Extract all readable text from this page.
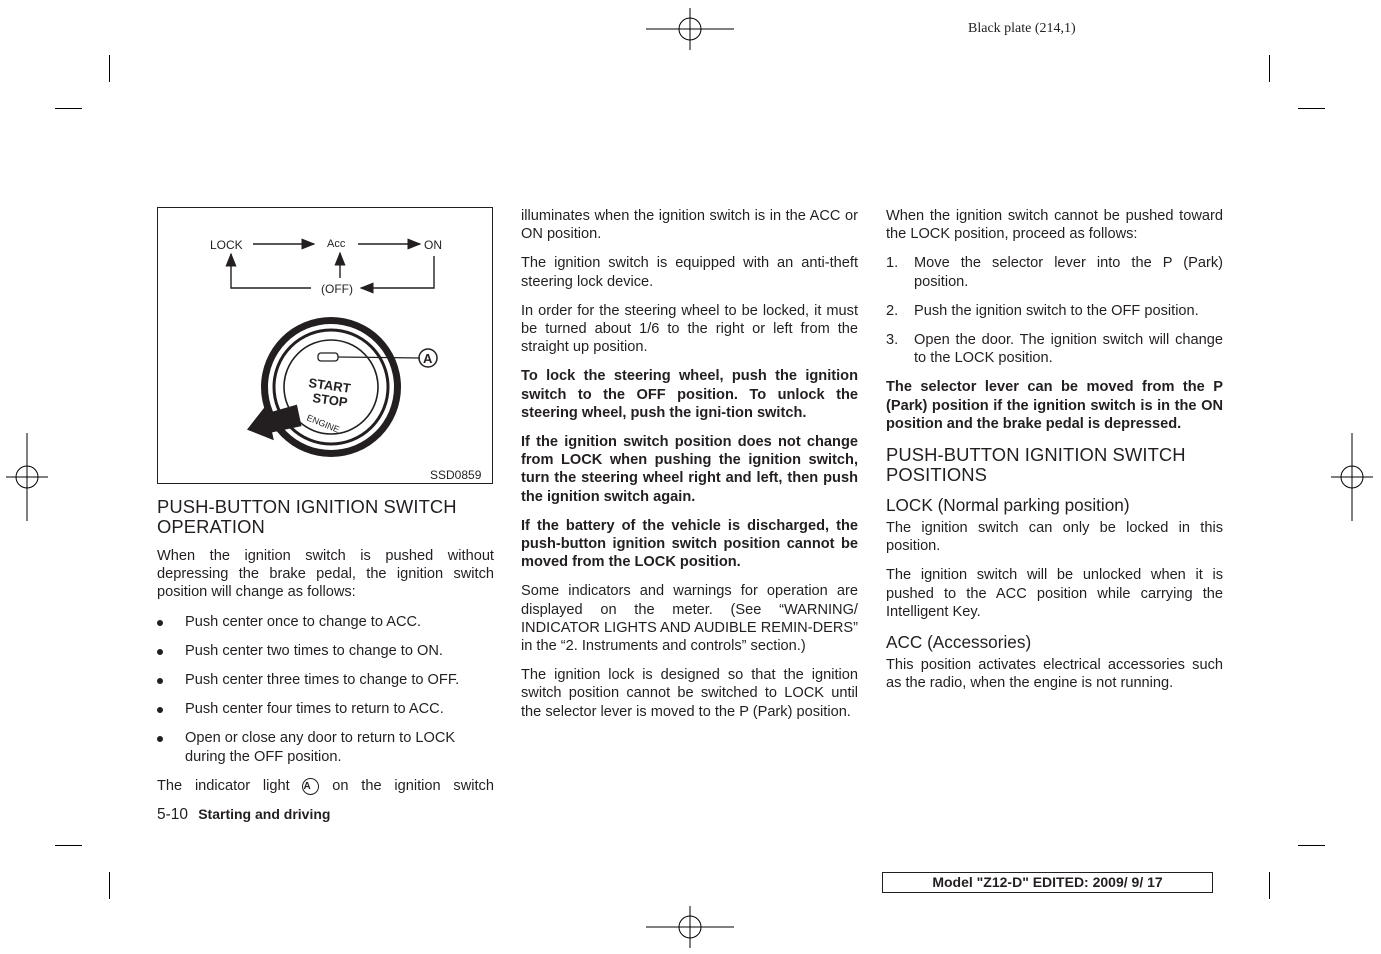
Black plate (214,1)
LOCK	Acc	ON
(OFF)
A
START
STOP
ENGINE
SSD0859
PUSH-BUTTON IGNITION SWITCH OPERATION

When the ignition switch is pushed without depressing the brake pedal, the ignition switch position will change as follows:

Push center once to change to ACC.
Push center two times to change to ON.
Push center three times to change to OFF.
Push center four times to return to ACC.
Open or close any door to return to LOCK during the OFF position.

The indicator light A on the ignition switch

illuminates when the ignition switch is in the ACC or ON position.

The ignition switch is equipped with an anti-theft steering lock device.

In order for the steering wheel to be locked, it must be turned about 1/6 to the right or left from the straight up position.

To lock the steering wheel, push the ignition switch to the OFF position. To unlock the steering wheel, push the igni-tion switch.

If the ignition switch position does not change from LOCK when pushing the ignition switch, turn the steering wheel right and left, then push the ignition switch again.

If the battery of the vehicle is discharged, the push-button ignition switch position cannot be moved from the LOCK position.

Some indicators and warnings for operation are displayed on the meter. (See “WARNING/ INDICATOR LIGHTS AND AUDIBLE REMIN-DERS” in the “2. Instruments and controls” section.)

The ignition lock is designed so that the ignition switch position cannot be switched to LOCK until the selector lever is moved to the P (Park) position.

When the ignition switch cannot be pushed toward the LOCK position, proceed as follows:

1. Move the selector lever into the P (Park) position.
2. Push the ignition switch to the OFF position.
3. Open the door. The ignition switch will change to the LOCK position.

The selector lever can be moved from the P (Park) position if the ignition switch is in the ON position and the brake pedal is depressed.

PUSH-BUTTON IGNITION SWITCH POSITIONS
LOCK (Normal parking position)

The ignition switch can only be locked in this position.

The ignition switch will be unlocked when it is pushed to the ACC position while carrying the Intelligent Key.

ACC (Accessories)

This position activates electrical accessories such as the radio, when the engine is not running.

5-10 Starting and driving
Model "Z12-D" EDITED: 2009/ 9/ 17
